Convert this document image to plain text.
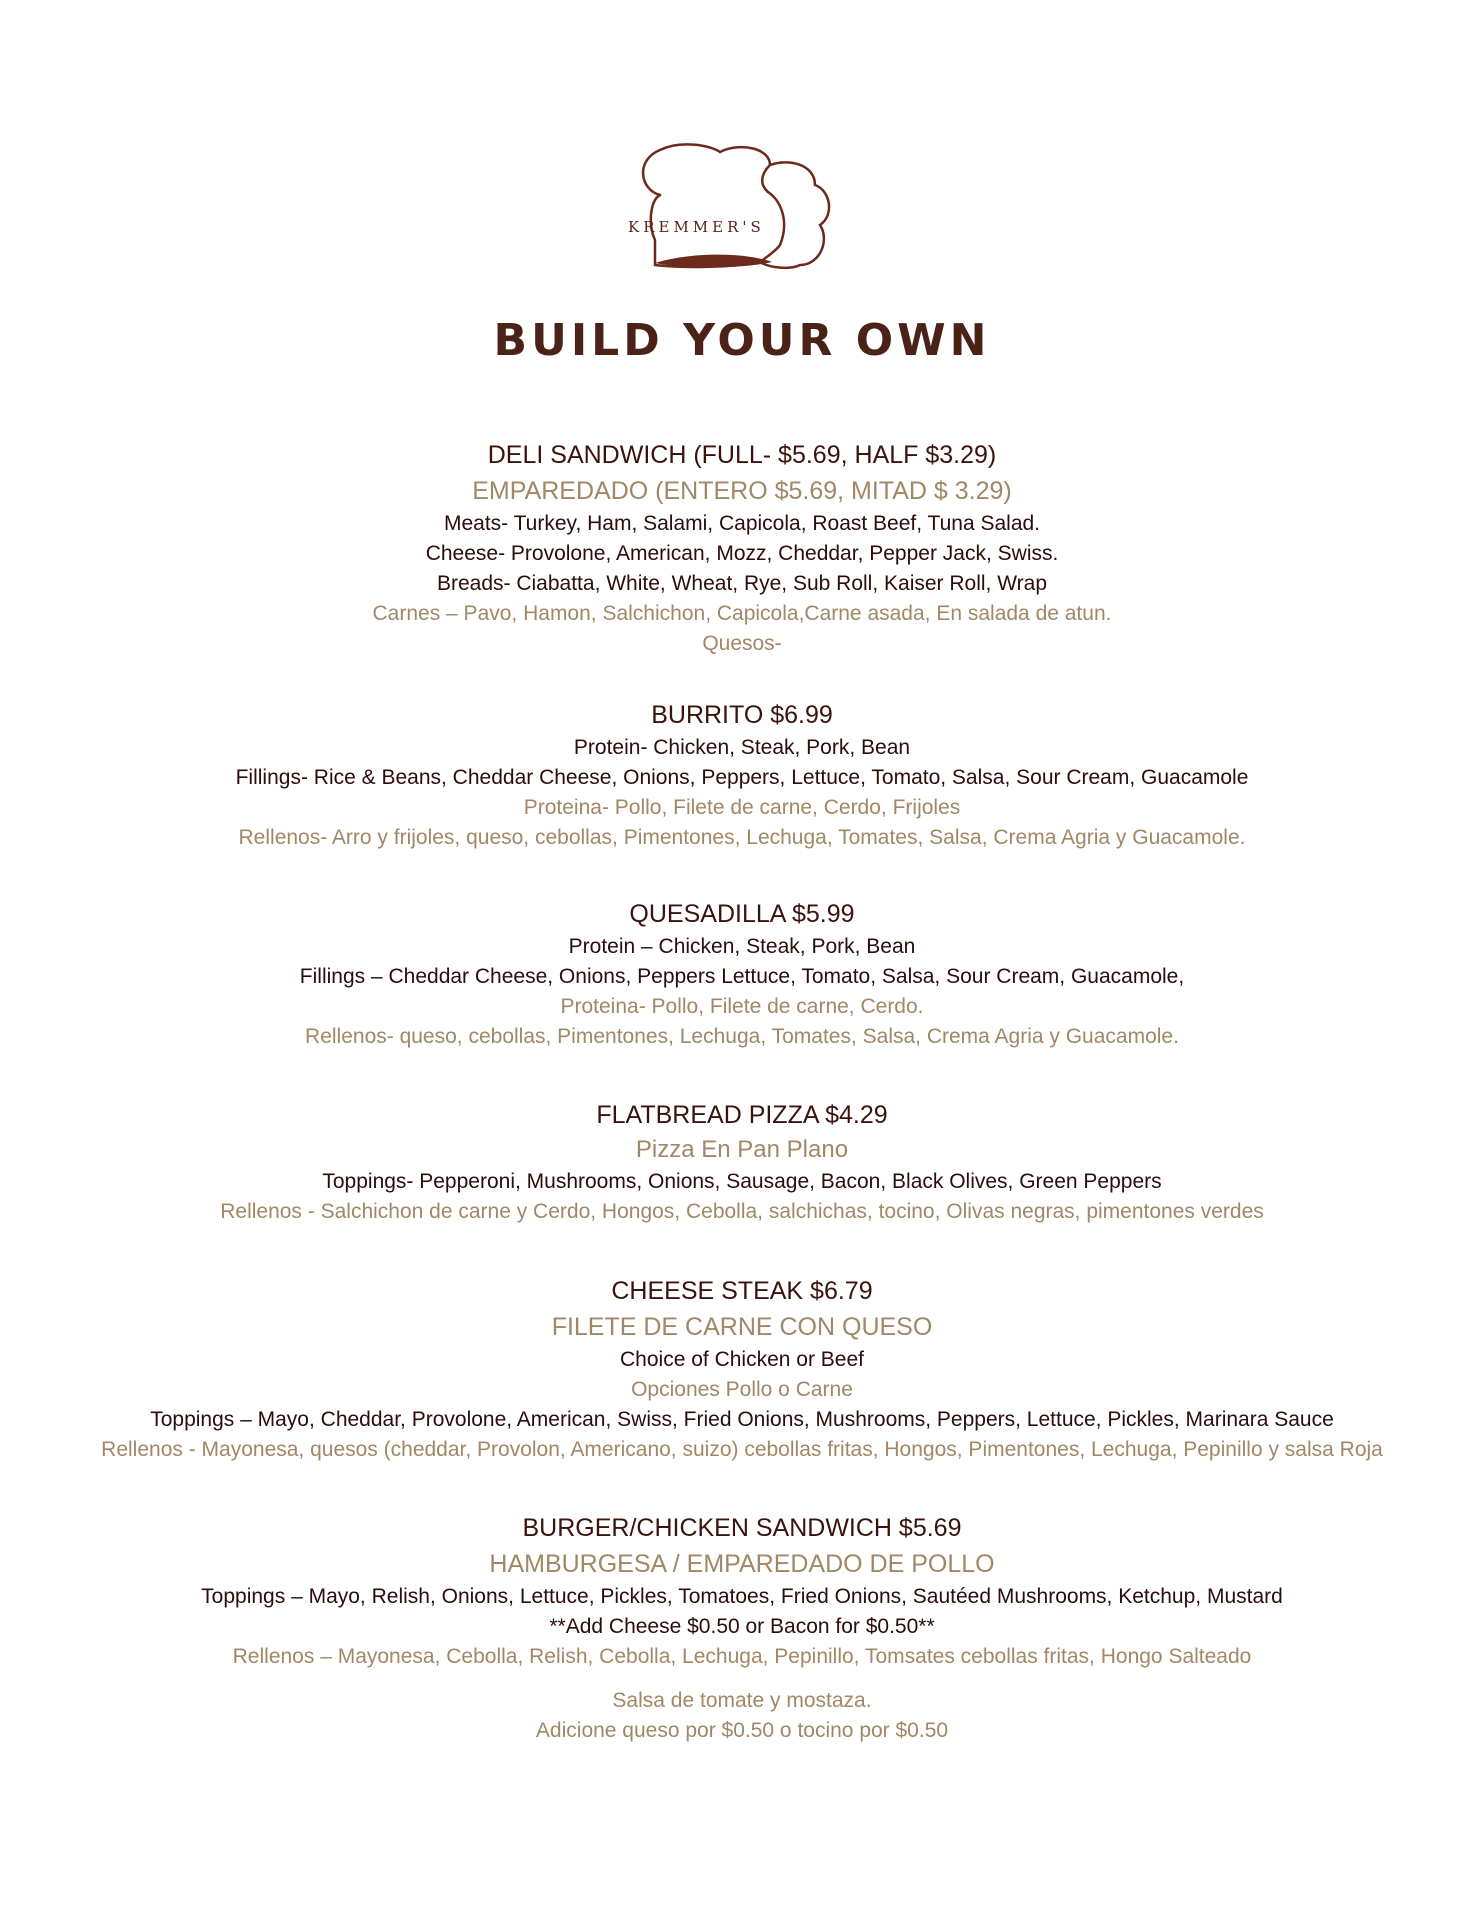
KREMMER'S
BUILD YOUR OWN
DELI SANDWICH (FULL- $5.69, HALF $3.29)
EMPAREDADO (ENTERO $5.69, MITAD $ 3.29)
Meats- Turkey, Ham, Salami, Capicola, Roast Beef, Tuna Salad.
Cheese- Provolone, American, Mozz, Cheddar, Pepper Jack, Swiss.
Breads- Ciabatta, White, Wheat, Rye, Sub Roll, Kaiser Roll, Wrap
Carnes – Pavo, Hamon, Salchichon, Capicola,Carne asada, En salada de atun.
Quesos-
BURRITO $6.99
Protein- Chicken, Steak, Pork, Bean
Fillings- Rice & Beans, Cheddar Cheese, Onions, Peppers, Lettuce, Tomato, Salsa, Sour Cream, Guacamole
Proteina- Pollo, Filete de carne, Cerdo, Frijoles
Rellenos- Arro y frijoles, queso, cebollas, Pimentones, Lechuga, Tomates, Salsa, Crema Agria y Guacamole.
QUESADILLA $5.99
Protein – Chicken, Steak, Pork, Bean
Fillings – Cheddar Cheese, Onions, Peppers Lettuce, Tomato, Salsa, Sour Cream, Guacamole,
Proteina- Pollo, Filete de carne, Cerdo.
Rellenos- queso, cebollas, Pimentones, Lechuga, Tomates, Salsa, Crema Agria y Guacamole.
FLATBREAD PIZZA $4.29
Pizza En Pan Plano
Toppings- Pepperoni, Mushrooms, Onions, Sausage, Bacon, Black Olives, Green Peppers
Rellenos - Salchichon de carne y Cerdo, Hongos, Cebolla, salchichas, tocino, Olivas negras, pimentones verdes
CHEESE STEAK $6.79
FILETE DE CARNE CON QUESO
Choice of Chicken or Beef
Opciones Pollo o Carne
Toppings – Mayo, Cheddar, Provolone, American, Swiss, Fried Onions, Mushrooms, Peppers, Lettuce, Pickles, Marinara Sauce
Rellenos - Mayonesa, quesos (cheddar, Provolon, Americano, suizo) cebollas fritas, Hongos, Pimentones, Lechuga, Pepinillo y salsa Roja
BURGER/CHICKEN SANDWICH $5.69
HAMBURGESA / EMPAREDADO DE POLLO
Toppings – Mayo, Relish, Onions, Lettuce, Pickles, Tomatoes, Fried Onions, Sautéed Mushrooms, Ketchup, Mustard
**Add Cheese $0.50 or Bacon for $0.50**
Rellenos – Mayonesa, Cebolla, Relish, Cebolla, Lechuga, Pepinillo, Tomsates cebollas fritas, Hongo Salteado
Salsa de tomate y mostaza.
Adicione queso por $0.50 o tocino por $0.50
